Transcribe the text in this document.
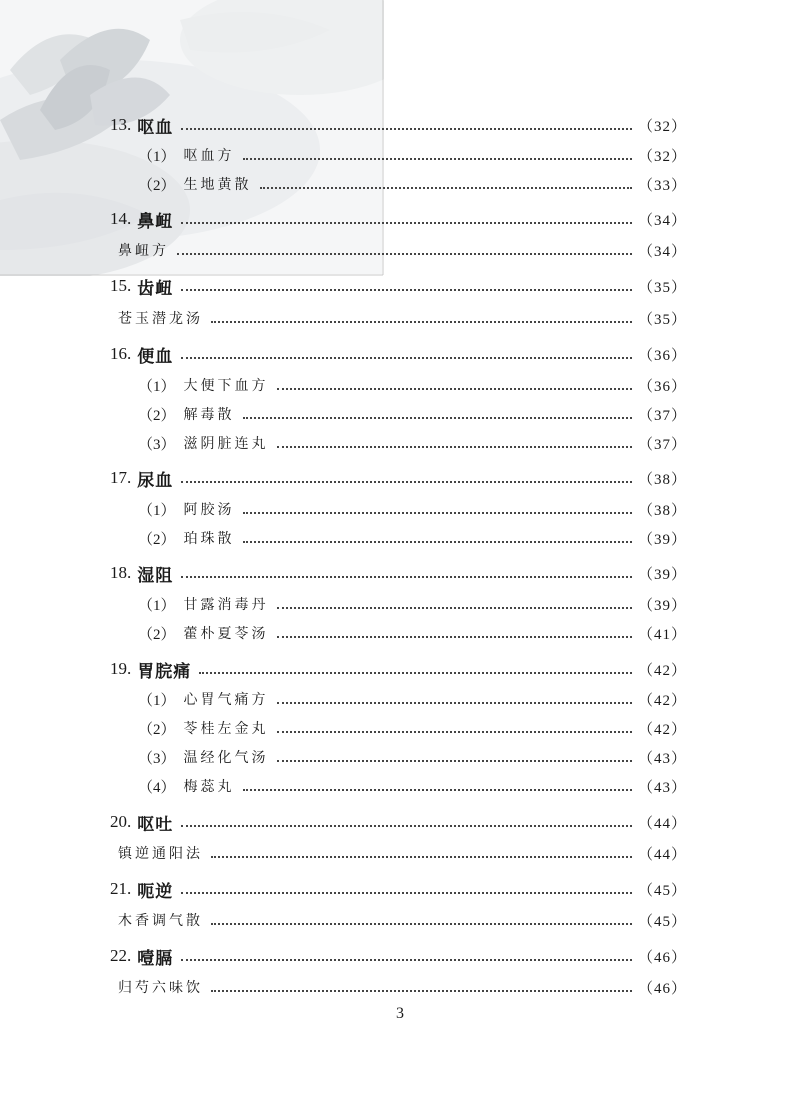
13. 呕血	（32）
（1） 呕血方	（32）
（2） 生地黄散	（33）
14. 鼻衄	（34）
鼻衄方	（34）
15. 齿衄	（35）
苍玉潜龙汤	（35）
16. 便血	（36）
（1） 大便下血方	（36）
（2） 解毒散	（37）
（3） 滋阴脏连丸	（37）
17. 尿血	（38）
（1） 阿胶汤	（38）
（2） 珀珠散	（39）
18. 湿阻	（39）
（1） 甘露消毒丹	（39）
（2） 藿朴夏苓汤	（41）
19. 胃脘痛	（42）
（1） 心胃气痛方	（42）
（2） 苓桂左金丸	（42）
（3） 温经化气汤	（43）
（4） 梅蕊丸	（43）
20. 呕吐	（44）
镇逆通阳法	（44）
21. 呃逆	（45）
木香调气散	（45）
22. 噎膈	（46）
归芍六味饮	（46）
3
